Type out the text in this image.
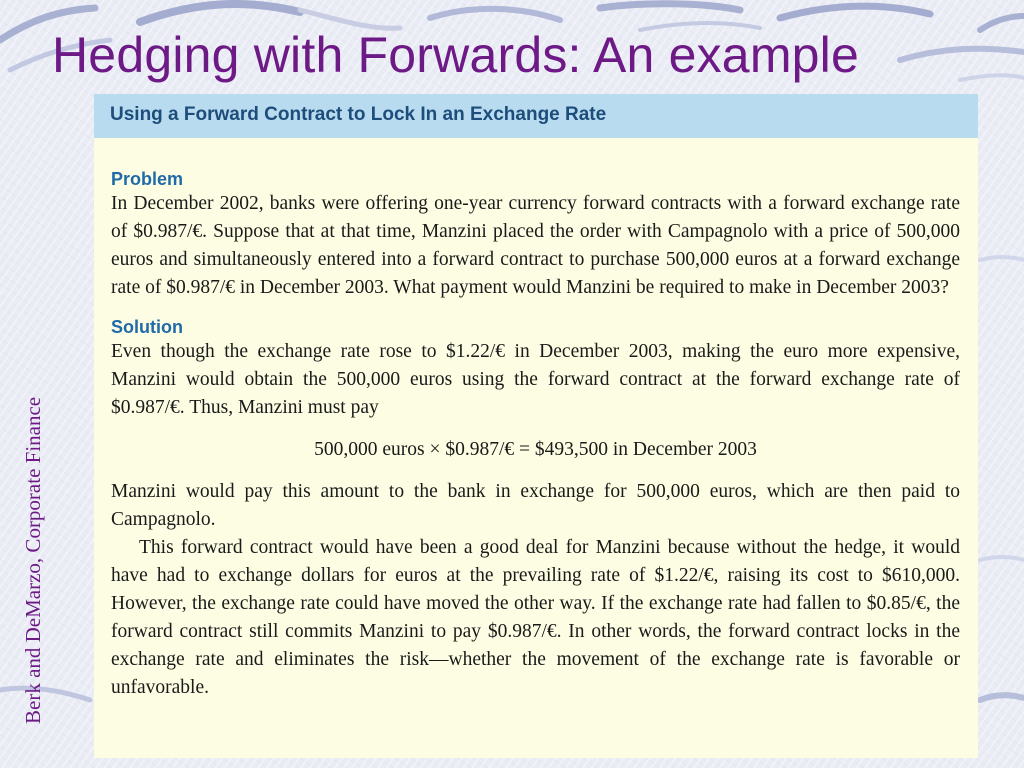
Hedging with Forwards: An example
Berk and DeMarzo, Corporate Finance
Using a Forward Contract to Lock In an Exchange Rate
Problem

In December 2002, banks were offering one-year currency forward contracts with a forward exchange rate of $0.987/€. Suppose that at that time, Manzini placed the order with Campagnolo with a price of 500,000 euros and simultaneously entered into a forward contract to purchase 500,000 euros at a forward exchange rate of $0.987/€ in December 2003. What payment would Manzini be required to make in December 2003?

Solution

Even though the exchange rate rose to $1.22/€ in December 2003, making the euro more expensive, Manzini would obtain the 500,000 euros using the forward contract at the forward exchange rate of $0.987/€. Thus, Manzini must pay

500,000 euros × $0.987/€ = $493,500 in December 2003

Manzini would pay this amount to the bank in exchange for 500,000 euros, which are then paid to Campagnolo.

This forward contract would have been a good deal for Manzini because without the hedge, it would have had to exchange dollars for euros at the prevailing rate of $1.22/€, raising its cost to $610,000. However, the exchange rate could have moved the other way. If the exchange rate had fallen to $0.85/€, the forward contract still commits Manzini to pay $0.987/€. In other words, the forward contract locks in the exchange rate and eliminates the risk—whether the movement of the exchange rate is favorable or unfavorable.
